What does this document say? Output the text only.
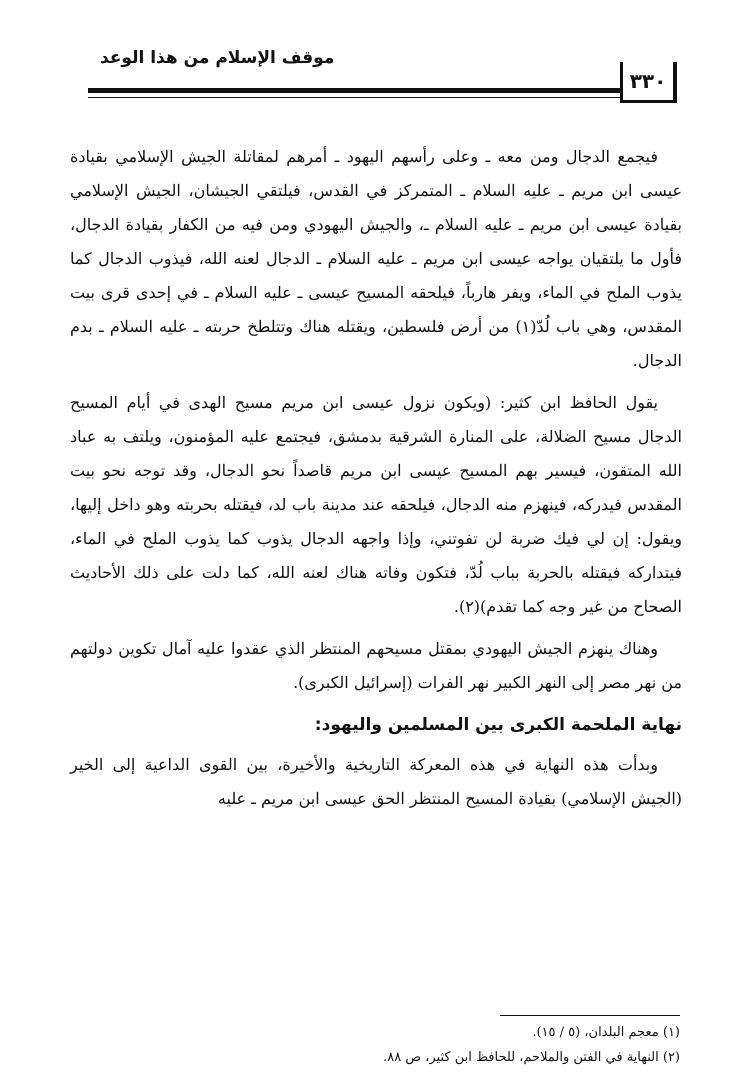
موقف الإسلام من هذا الوعد
٣٣٠

فيجمع الدجال ومن معه ـ وعلى رأسهم اليهود ـ أمرهم لمقاتلة الجيش الإسلامي بقيادة عيسى ابن مريم ـ عليه السلام ـ المتمركز في القدس، فيلتقي الجيشان، الجيش الإسلامي بقيادة عيسى ابن مريم ـ عليه السلام ـ، والجيش اليهودي ومن فيه من الكفار بقيادة الدجال، فأول ما يلتقيان يواجه عيسى ابن مريم ـ عليه السلام ـ الدجال لعنه الله، فيذوب الدجال كما يذوب الملح في الماء، ويفر هارباً، فيلحقه المسيح عيسى ـ عليه السلام ـ في إحدى قرى بيت المقدس، وهي باب لُدّ(١) من أرض فلسطين، ويقتله هناك وتتلطخ حربته ـ عليه السلام ـ بدم الدجال.

يقول الحافظ ابن كثير: (ويكون نزول عيسى ابن مريم مسيح الهدى في أيام المسيح الدجال مسيح الضلالة، على المنارة الشرقية بدمشق، فيجتمع عليه المؤمنون، ويلتف به عباد الله المتقون، فيسير بهم المسيح عيسى ابن مريم قاصداً نحو الدجال، وقد توجه نحو بيت المقدس فيدركه، فينهزم منه الدجال، فيلحقه عند مدينة باب لد، فيقتله بحربته وهو داخل إليها، ويقول: إن لي فيك ضربة لن تفوتني، وإذا واجهه الدجال يذوب كما يذوب الملح في الماء، فيتداركه فيقتله بالحربة بباب لُدّ، فتكون وفاته هناك لعنه الله، كما دلت على ذلك الأحاديث الصحاح من غير وجه كما تقدم)(٢).

وهناك ينهزم الجيش اليهودي بمقتل مسيحهم المنتظر الذي عقدوا عليه آمال تكوين دولتهم من نهر مصر إلى النهر الكبير نهر الفرات (إسرائيل الكبرى).

نهاية الملحمة الكبرى بين المسلمين واليهود:

وبدأت هذه النهاية في هذه المعركة التاريخية والأخيرة، بين القوى الداعية إلى الخير (الجيش الإسلامي) بقيادة المسيح المنتظر الحق عيسى ابن مريم ـ عليه

(١) معجم البلدان، (٥ / ١٥).
(٢) النهاية في الفتن والملاحم، للحافظ ابن كثير، ص ٨٨.
